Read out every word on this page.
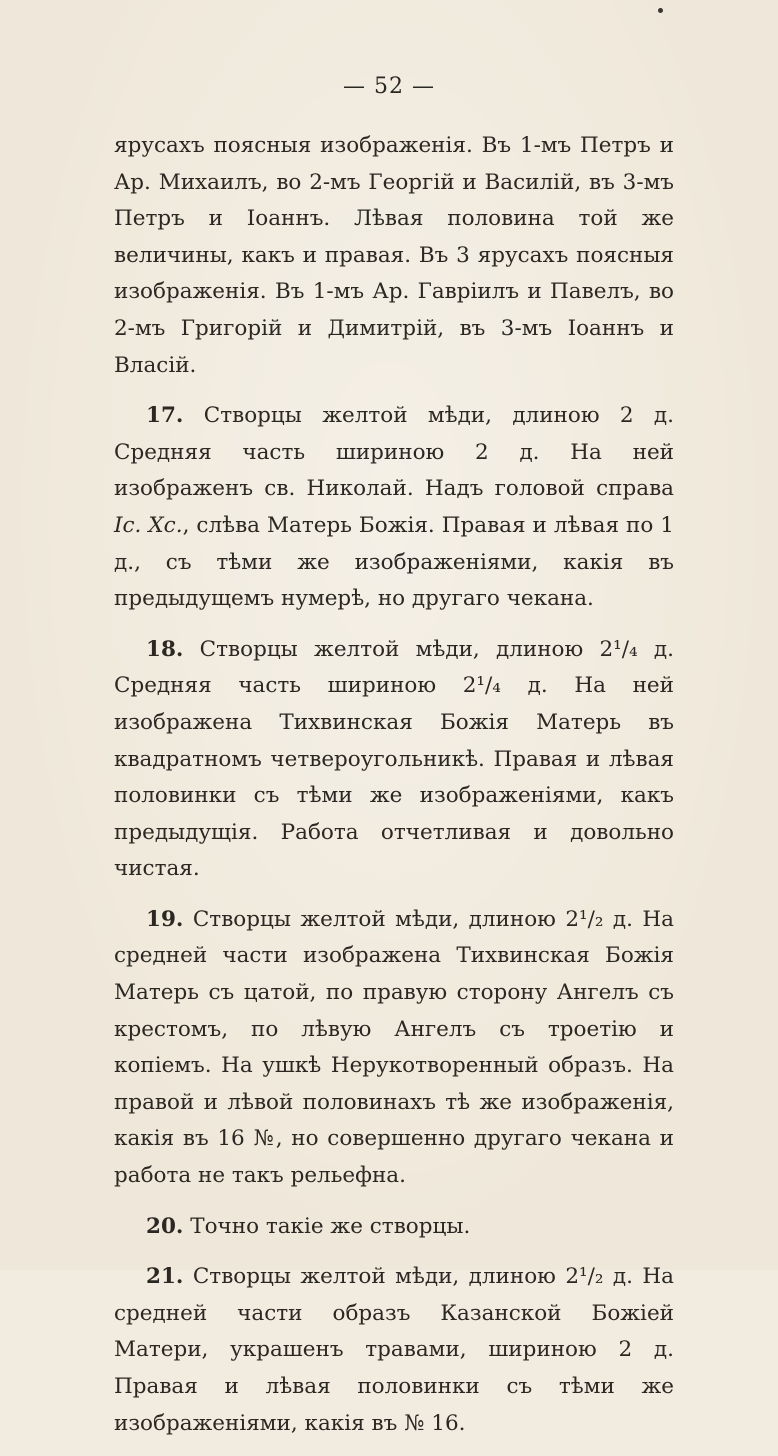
— 52 —

ярусахъ поясныя изображенія. Въ 1-мъ Петръ и Ар. Михаилъ, во 2-мъ Георгій и Василій, въ 3-мъ Петръ и Іоаннъ. Лѣвая половина той же величины, какъ и правая. Въ 3 ярусахъ поясныя изображенія. Въ 1-мъ Ар. Гавріилъ и Павелъ, во 2-мъ Григорій и Димитрій, въ 3-мъ Іоаннъ и Власій.

17. Створцы желтой мѣди, длиною 2 д. Средняя часть шириною 2 д. На ней изображенъ св. Николай. Надъ головой справа Іс. Хс., слѣва Матерь Божія. Правая и лѣвая по 1 д., съ тѣми же изображеніями, какія въ предыдущемъ нумерѣ, но другаго чекана.

18. Створцы желтой мѣди, длиною 2¹/₄ д. Средняя часть шириною 2¹/₄ д. На ней изображена Тихвинская Божія Матерь въ квадратномъ четвероугольникѣ. Правая и лѣвая половинки съ тѣми же изображеніями, какъ предыдущія. Работа отчетливая и довольно чистая.

19. Створцы желтой мѣди, длиною 2¹/₂ д. На средней части изображена Тихвинская Божія Матерь съ цатой, по правую сторону Ангелъ съ крестомъ, по лѣвую Ангелъ съ троетію и копіемъ. На ушкѣ Нерукотворенный образъ. На правой и лѣвой половинахъ тѣ же изображенія, какія въ 16 №, но совершенно другаго чекана и работа не такъ рельефна.

20. Точно такіе же створцы.

21. Створцы желтой мѣди, длиною 2¹/₂ д. На средней части образъ Казанской Божіей Матери, украшенъ травами, шириною 2 д. Правая и лѣвая половинки съ тѣми же изображеніями, какія въ № 16.
